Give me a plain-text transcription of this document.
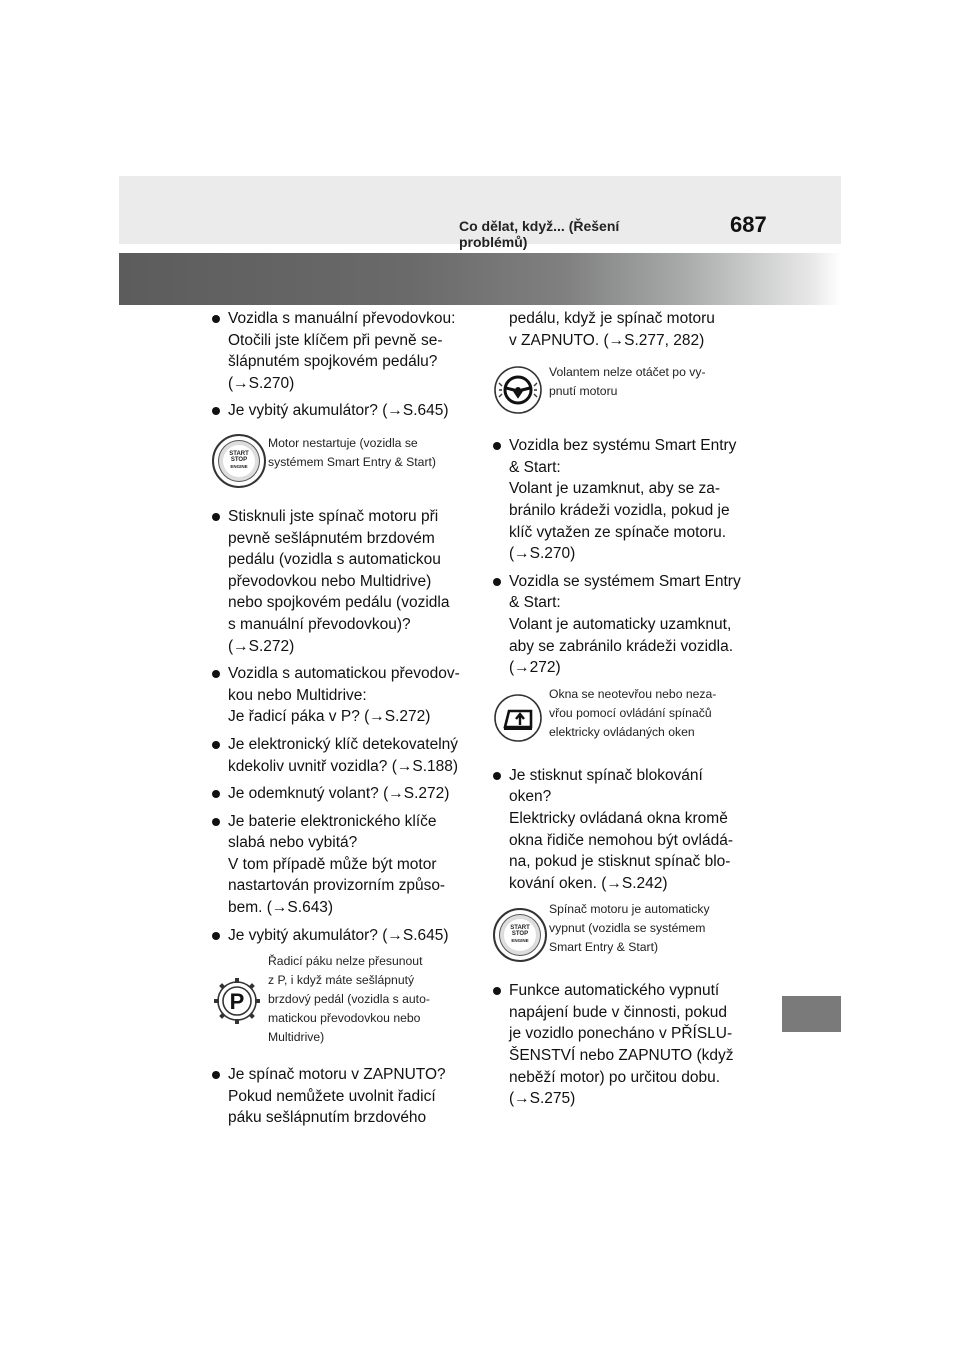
Co dělat, když... (Řešení problémů)
687
Vozidla s manuální převodovkou:
Otočili jste klíčem při pevně se-
šlápnutém spojkovém pedálu?
(→S.270)
Je vybitý akumulátor? (→S.645)
START
STOP
ENGINE
Motor nestartuje (vozidla se
systémem Smart Entry & Start)
Stisknuli jste spínač motoru při
pevně sešlápnutém brzdovém
pedálu (vozidla s automatickou
převodovkou nebo Multidrive)
nebo spojkovém pedálu (vozidla
s manuální převodovkou)?
(→S.272)
Vozidla s automatickou převodov-
kou nebo Multidrive:
Je řadicí páka v P? (→S.272)
Je elektronický klíč detekovatelný
kdekoliv uvnitř vozidla? (→S.188)
Je odemknutý volant? (→S.272)
Je baterie elektronického klíče
slabá nebo vybitá?
V tom případě může být motor
nastartován provizorním způso-
bem. (→S.643)
Je vybitý akumulátor? (→S.645)
P
Řadicí páku nelze přesunout
z P, i když máte sešlápnutý
brzdový pedál (vozidla s auto-
matickou převodovkou nebo
Multidrive)
Je spínač motoru v ZAPNUTO?
Pokud nemůžete uvolnit řadicí
páku sešlápnutím brzdového
pedálu, když je spínač motoru
v ZAPNUTO. (→S.277, 282)
Volantem nelze otáčet po vy-
pnutí motoru
Vozidla bez systému Smart Entry
& Start:
Volant je uzamknut, aby se za-
bránilo krádeži vozidla, pokud je
klíč vytažen ze spínače motoru.
(→S.270)
Vozidla se systémem Smart Entry
& Start:
Volant je automaticky uzamknut,
aby se zabránilo krádeži vozidla.
(→272)
Okna se neotevřou nebo neza-
vřou pomocí ovládání spínačů
elektricky ovládaných oken
Je stisknut spínač blokování
oken?
Elektricky ovládaná okna kromě
okna řidiče nemohou být ovládá-
na, pokud je stisknut spínač blo-
kování oken. (→S.242)
START
STOP
ENGINE
Spínač motoru je automaticky
vypnut (vozidla se systémem
Smart Entry & Start)
Funkce automatického vypnutí
napájení bude v činnosti, pokud
je vozidlo ponecháno v PŘÍSLU-
ŠENSTVÍ nebo ZAPNUTO (když
neběží motor) po určitou dobu.
(→S.275)
